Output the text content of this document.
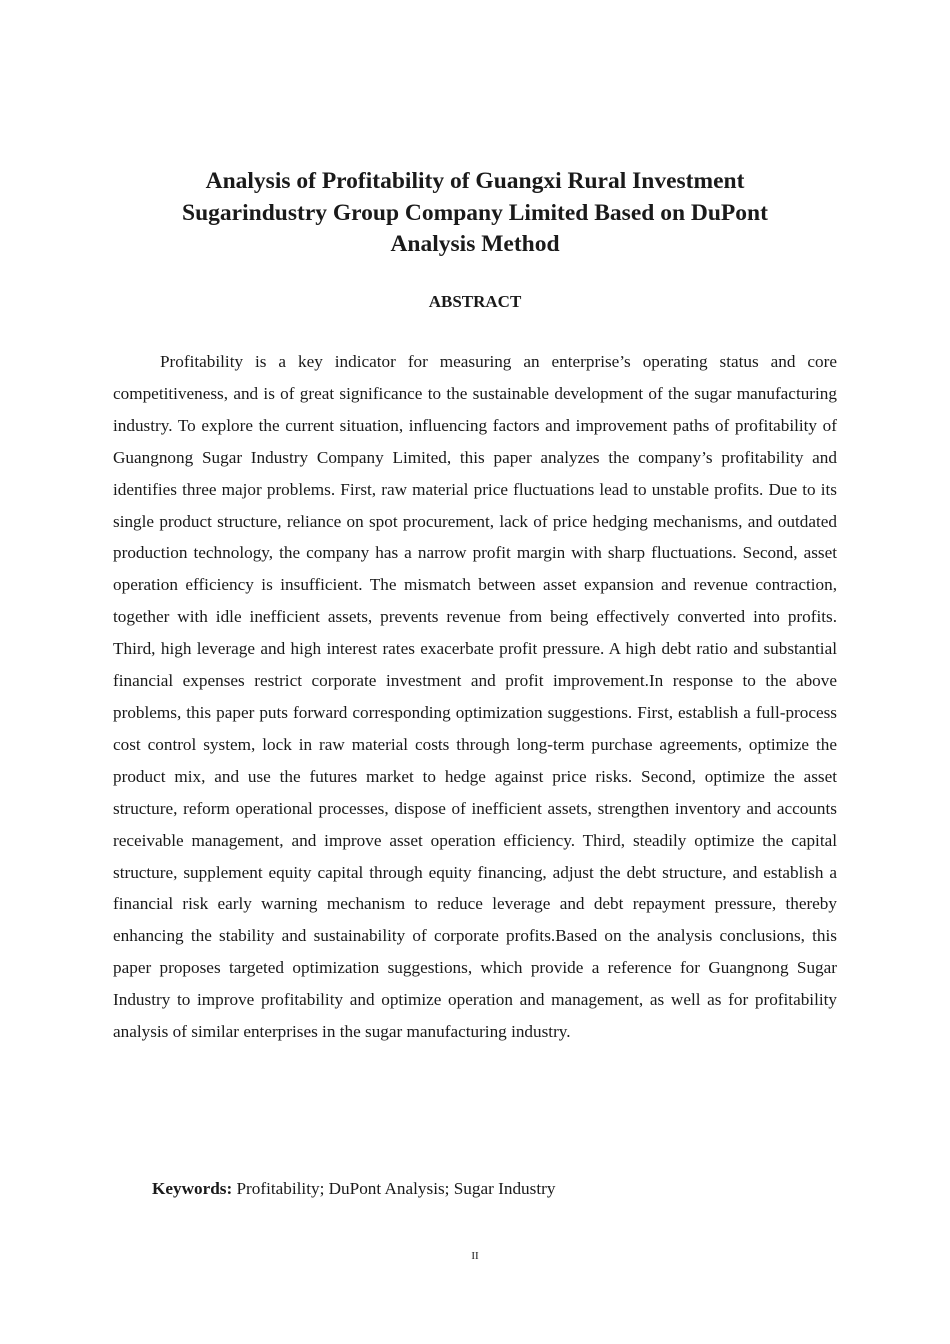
Analysis of Profitability of Guangxi Rural Investment
Sugarindustry Group Company Limited Based on DuPont
Analysis Method
ABSTRACT

Profitability is a key indicator for measuring an enterprise’s operating status and core competitiveness, and is of great significance to the sustainable development of the sugar manufacturing industry. To explore the current situation, influencing factors and improvement paths of profitability of Guangnong Sugar Industry Company Limited, this paper analyzes the company’s profitability and identifies three major problems. First, raw material price fluctuations lead to unstable profits. Due to its single product structure, reliance on spot procurement, lack of price hedging mechanisms, and outdated production technology, the company has a narrow profit margin with sharp fluctuations. Second, asset operation efficiency is insufficient. The mismatch between asset expansion and revenue contraction, together with idle inefficient assets, prevents revenue from being effectively converted into profits. Third, high leverage and high interest rates exacerbate profit pressure. A high debt ratio and substantial financial expenses restrict corporate investment and profit improvement.In response to the above problems, this paper puts forward corresponding optimization suggestions. First, establish a full-process cost control system, lock in raw material costs through long-term purchase agreements, optimize the product mix, and use the futures market to hedge against price risks. Second, optimize the asset structure, reform operational processes, dispose of inefficient assets, strengthen inventory and accounts receivable management, and improve asset operation efficiency. Third, steadily optimize the capital structure, supplement equity capital through equity financing, adjust the debt structure, and establish a financial risk early warning mechanism to reduce leverage and debt repayment pressure, thereby enhancing the stability and sustainability of corporate profits.Based on the analysis conclusions, this paper proposes targeted optimization suggestions, which provide a reference for Guangnong Sugar Industry to improve profitability and optimize operation and management, as well as for profitability analysis of similar enterprises in the sugar manufacturing industry.

Keywords: Profitability; DuPont Analysis; Sugar Industry
II
